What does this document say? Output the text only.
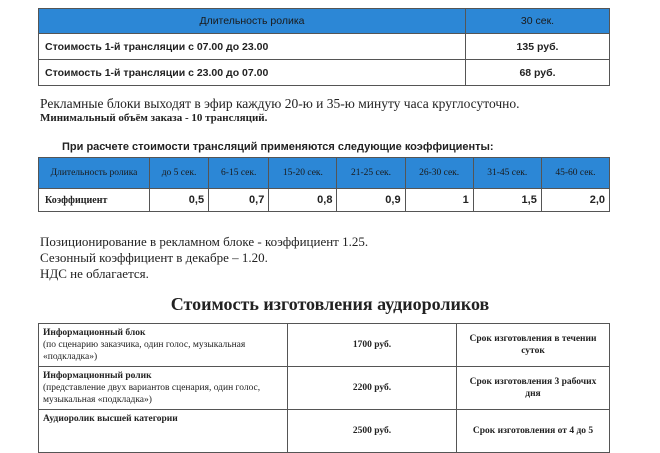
Длительность ролика	30 сек.
Стоимость 1-й трансляции с 07.00 до 23.00	135 руб.
Стоимость 1-й трансляции с 23.00 до 07.00	68 руб.
Рекламные блоки выходят в эфир каждую 20-ю и 35-ю минуту часа круглосуточно.
Минимальный объём заказа - 10 трансляций.
При расчете стоимости трансляций применяются следующие коэффициенты:
Длительность ролика	до 5 сек.	6-15 сек.	15-20 сек.	21-25 сек.	26-30 сек.	31-45 сек.	45-60 сек.
Коэффициент	0,5	0,7	0,8	0,9	1	1,5	2,0
Позиционирование в рекламном блоке - коэффициент 1.25.
Сезонный коэффициент в декабре – 1.20.
НДС не облагается.
Стоимость изготовления аудиороликов
Информационный блок
(по сценарию заказчика, один голос, музыкальная «подкладка»)	1700 руб.	Срок изготовления в течении суток

Информационный ролик
(представление двух вариантов сценария, один голос, музыкальная «подкладка»)	2200 руб.	Срок изготовления 3 рабочих дня

Аудиоролик высшей категории	2500 руб.	Срок изготовления от 4 до 5
